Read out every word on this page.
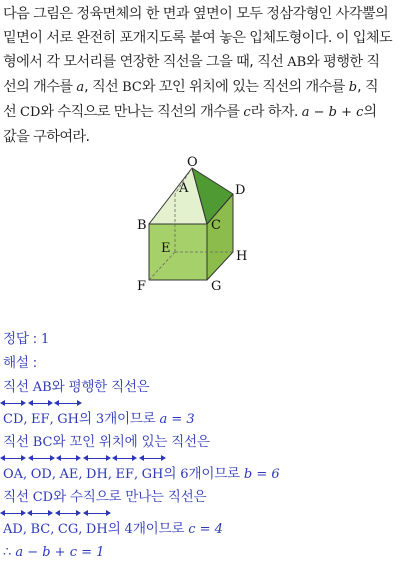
다음 그림은 정육면체의 한 면과 옆면이 모두 정삼각형인 사각뿔의

밑면이 서로 완전히 포개지도록 붙여 놓은 입체도형이다. 이 입체도

형에서 각 모서리를 연장한 직선을 그을 때, 직선 AB와 평행한 직

선의 개수를 a, 직선 BC와 꼬인 위치에 있는 직선의 개수를 b, 직

선 CD와 수직으로 만나는 직선의 개수를 c라 하자. a − b + c의

값을 구하여라.

O
A	D
B	C
E
H
F	G
정답 : 1
해설 :
직선 AB와 평행한 직선은
CD,
EF,
GH의 3개이므로 a = 3
직선 BC와 꼬인 위치에 있는 직선은
OA,
OD,
AE,
DH,
EF,
GH의 6개이므로 b = 6
직선 CD와 수직으로 만나는 직선은
AD,
BC,
CG,
DH의 4개이므로 c = 4
∴ a − b + c = 1
